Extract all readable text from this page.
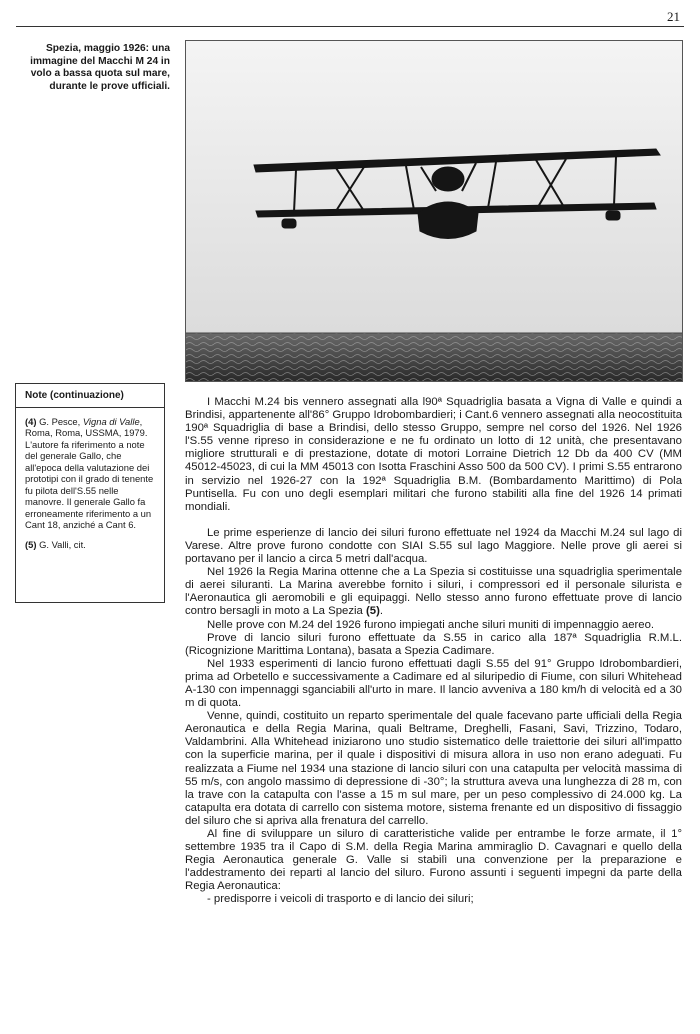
21
Spezia, maggio 1926: una
immagine del Macchi M 24 in
volo a bassa quota sul mare,
durante le prove ufficiali.
Note (continuazione)

(4) G. Pesce, Vigna di Valle, Roma, Roma, USSMA, 1979. L'autore fa riferimento a note del generale Gallo, che all'epoca della valutazione dei prototipi con il grado di tenente fu pilota dell'S.55 nelle manovre. Il generale Gallo fa erroneamente riferimento a un Cant 18, anziché a Cant 6.

(5) G. Valli, cit.

I Macchi M.24 bis vennero assegnati alla l90ª Squadriglia basata a Vigna di Valle e quindi a Brindisi, appartenente all'86° Gruppo Idrobombardieri; i Cant.6 vennero assegnati alla neocostituita 190ª Squadriglia di base a Brindisi, dello stesso Gruppo, sempre nel corso del 1926. Nel 1926 l'S.55 venne ripreso in considerazione e ne fu ordinato un lotto di 12 unità, che presentavano migliore strutturali e di prestazione, dotate di motori Lorraine Dietrich 12 Db da 400 CV (MM 45012-45023, di cui la MM 45013 con Isotta Fraschini Asso 500 da 500 CV). I primi S.55 entrarono in servizio nel 1926-27 con la 192ª Squadriglia B.M. (Bombardamento Marittimo) di Pola Puntisella. Fu con uno degli esemplari militari che furono stabiliti alla fine del 1926 14 primati mondiali.

Le prime esperienze di lancio dei siluri furono effettuate nel 1924 da Macchi M.24 sul lago di Varese. Altre prove furono condotte con SIAI S.55 sul lago Maggiore. Nelle prove gli aerei si portavano per il lancio a circa 5 metri dall'acqua.

Nel 1926 la Regia Marina ottenne che a La Spezia si costituisse una squadriglia sperimentale di aerei siluranti. La Marina averebbe fornito i siluri, i compressori ed il personale silurista e l'Aeronautica gli aeromobili e gli equipaggi. Nello stesso anno furono effettuate prove di lancio contro bersagli in moto a La Spezia (5).

Nelle prove con M.24 del 1926 furono impiegati anche siluri muniti di impennaggio aereo.

Prove di lancio siluri furono effettuate da S.55 in carico alla 187ª Squadriglia R.M.L. (Ricognizione Marittima Lontana), basata a Spezia Cadimare.

Nel 1933 esperimenti di lancio furono effettuati dagli S.55 del 91° Gruppo Idrobombardieri, prima ad Orbetello e successivamente a Cadimare ed al siluripedio di Fiume, con siluri Whitehead A-130 con impennaggi sganciabili all'urto in mare. Il lancio avveniva a 180 km/h di velocità ed a 30 m di quota.

Venne, quindi, costituito un reparto sperimentale del quale facevano parte ufficiali della Regia Aeronautica e della Regia Marina, quali Beltrame, Dreghelli, Fasani, Savi, Trizzino, Todaro, Valdambrini. Alla Whitehead iniziarono uno studio sistematico delle traiettorie dei siluri all'impatto con la superficie marina, per il quale i dispositivi di misura allora in uso non erano adeguati. Fu realizzata a Fiume nel 1934 una stazione di lancio siluri con una catapulta per velocità massima di 55 m/s, con angolo massimo di depressione di -30°; la struttura aveva una lunghezza di 28 m, con la trave con la catapulta con l'asse a 15 m sul mare, per un peso complessivo di 24.000 kg. La catapulta era dotata di carrello con sistema motore, sistema frenante ed un dispositivo di fissaggio del siluro che si apriva alla frenatura del carrello.

Al fine di sviluppare un siluro di caratteristiche valide per entrambe le forze armate, il 1° settembre 1935 tra il Capo di S.M. della Regia Marina ammiraglio D. Cavagnari e quello della Regia Aeronautica generale G. Valle si stabilì una convenzione per la preparazione e l'addestramento dei reparti al lancio del siluro. Furono assunti i seguenti impegni da parte della Regia Aeronautica:

- predisporre i veicoli di trasporto e di lancio dei siluri;
